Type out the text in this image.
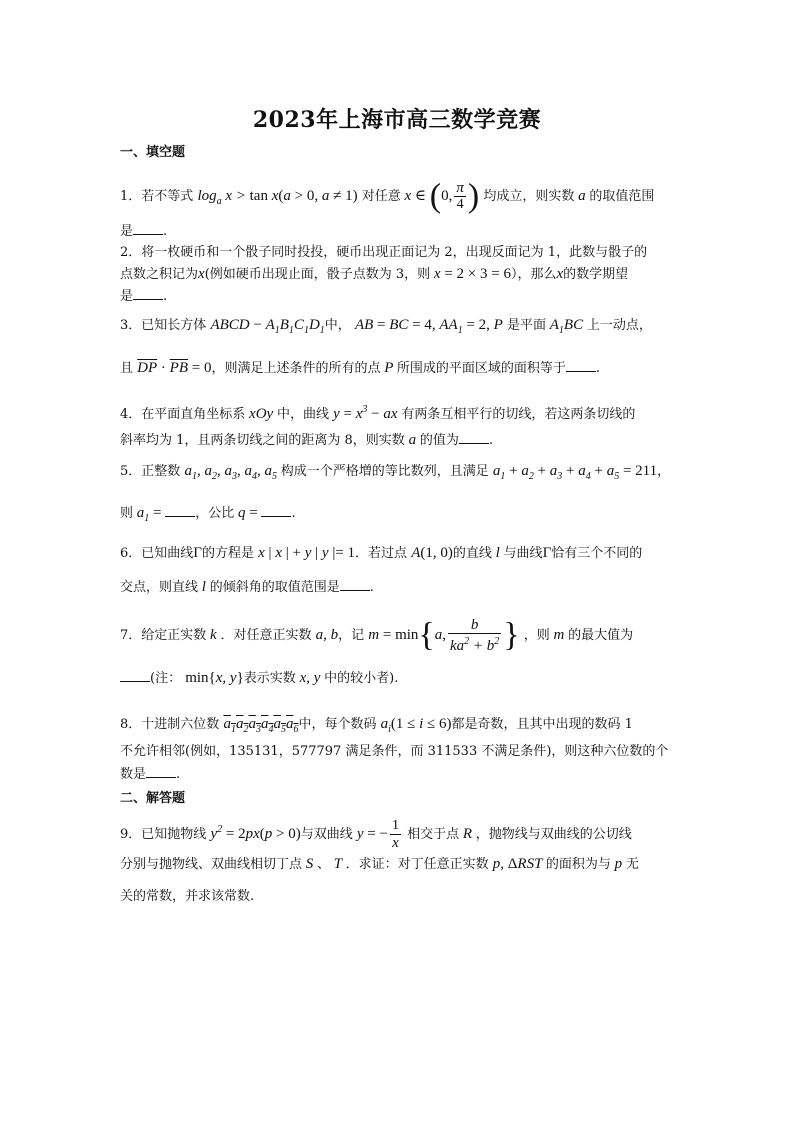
2023年上海市高三数学竞赛
一、填空题
1．若不等式 $\log_a x > \tan x(a > 0$, a ≠ 1) 对任意 x ∈ (0, $\frac{\pi}{4}$ ) 均成立，则实数 a 的取值范围
是 .
2．将一枚硬币和一个骰子同时投投，硬币出现正面记为 2，出现反面记为 1，此数与骰子的
点数之积记为x(例如硬币出现止面，骰子点数为 3，则 x = 2 × 3 = 6），那么x的数学期望
是 .
3．已知长方体 ABCD − $A_1B_1C_1D_1$中， AB = BC = 4, $AA_1 = 2$, P 是平面 $A_1BC$ 上一动点，
且 $\overline{DP} \cdot \overline{PB} = 0$，则满足上述条件的所有的点 P 所围成的平面区域的面积等于 .
4．在平面直角坐标系 xOy 中，曲线 $y = x^3$ − ax 有两条互相平行的切线，若这两条切线的
斜率均为 1，且两条切线之间的距离为 8，则实数 a 的值为 .
5．正整数 $a_1$, $a_2$, $a_3$, $a_4$, $a_5$ 构成一个严格増的等比数列，且满足 $a_1 + a_2 + a_3 + a_4 + a_5 = 211$，
则 $a_1$ = ，公比 q = .
6．已知曲线Γ的方程是 x | x | + y | y |= 1．若过点 A(1, 0)的直线 l 与曲线Γ恰有三个不同的
交点，则直线 l 的倾斜角的取值范围是 .
7．给定正实数 k ．对任意正实数 a, b，记 m = min{a, $\frac{b}{ka^2 + b^2}$ } ，则 m 的最大值为
(注： min{x, y}表示实数 x, y 中的较小者).
8．十进制六位数 $a_1a_2a_3a_4a_5a_6$中，每个数码 $a_i(1 \le i \le 6)$都是奇数，且其中出现的数码 1
不允许相邻(例如，135131，577797 满足条件，而 311533 不满足条件)，则这种六位数的个
数是 .
二、解答题
9．已知抛物线 $y^2 = 2px(p > 0)$与双曲线 y = − $\frac{1}{x}$ 相交于点 R ，抛物线与双曲线的公切线
分别与抛物线、双曲线相切丁点 S 、 T ．求证：对丁任意正实数 p, ΔRST 的面积为与 p 无
关的常数，并求该常数.
